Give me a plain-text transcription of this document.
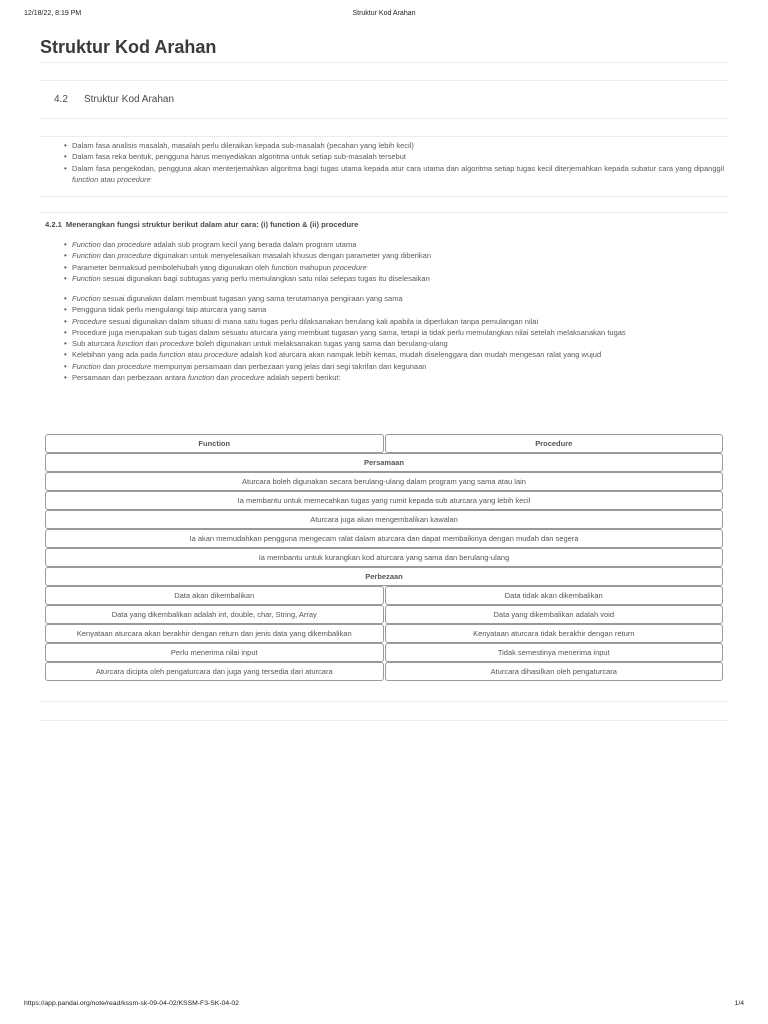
12/18/22, 8:19 PM	Struktur Kod Arahan
Struktur Kod Arahan
4.2 Struktur Kod Arahan
• Dalam fasa analisis masalah, masalah perlu dileraikan kepada sub-masalah (pecahan yang lebih kecil)
• Dalam fasa reka bentuk, pengguna harus menyediakan algoritma untuk setiap sub-masalah tersebut
• Dalam fasa pengekodan, pengguna akan menterjemahkan algoritma bagi tugas utama kepada atur cara utama dan algoritma setiap tugas kecil diterjemahkan kepada subatur cara yang dipanggil function atau procedure
4.2.1 Menerangkan fungsi struktur berikut dalam atur cara: (i) function & (ii) procedure
• Function dan procedure adalah sub program kecil yang berada dalam program utama
• Function dan procedure digunakan untuk menyelesaikan masalah khusus dengan parameter yang diberikan
• Parameter bermaksud pembolehubah yang digunakan oleh function mahupun procedure
• Function sesuai digunakan bagi subtugas yang perlu memulangkan satu nilai selepas tugas itu diselesaikan
• Function sesuai digunakan dalam membuat tugasan yang sama terutamanya pengiraan yang sama
• Pengguna tidak perlu mengulangi taip aturcara yang sama
• Procedure sesuai digunakan dalam situasi di mana satu tugas perlu dilaksanakan berulang kali apabila ia diperlukan tanpa pemulangan nilai
• Procedure juga merupakan sub tugas dalam sesuatu aturcara yang membuat tugasan yang sama, tetapi ia tidak perlu memulangkan nilai setelah melaksanakan tugas
• Sub aturcara function dan procedure boleh digunakan untuk melaksanakan tugas yang sama dan berulang-ulang
• Kelebihan yang ada pada function atau procedure adalah kod aturcara akan nampak lebih kemas, mudah diselenggara dan mudah mengesan ralat yang wujud
• Function dan procedure mempunyai persamaan dan perbezaan yang jelas dari segi takrifan dan kegunaan
• Persamaan dan perbezaan antara function dan procedure adalah seperti berikut:
Function	Procedure
Persamaan
Aturcara boleh digunakan secara berulang-ulang dalam program yang sama atau lain
Ia membantu untuk memecahkan tugas yang rumit kepada sub aturcara yang lebih kecil
Aturcara juga akan mengembalikan kawalan
Ia akan memudahkan pengguna mengecam ralat dalam aturcara dan dapat membaikinya dengan mudah dan segera
Ia membantu untuk kurangkan kod aturcara yang sama dan berulang-ulang
Perbezaan
Data akan dikembalikan	Data tidak akan dikembalikan
Data yang dikembalikan adalah int, double, char, String, Array	Data yang dikembalikan adalah void
Kenyataan aturcara akan berakhir dengan return dan jenis data yang dikembalikan	Kenyataan aturcara tidak berakhir dengan return
Perlu menerima nilai input	Tidak semestinya menerima input
Aturcara dicipta oleh pengaturcara dan juga yang tersedia dari aturcara	Aturcara dihasilkan oleh pengaturcara
https://app.pandai.org/note/read/kssm-sk-09-04-02/KSSM-F3-SK-04-02	1/4
